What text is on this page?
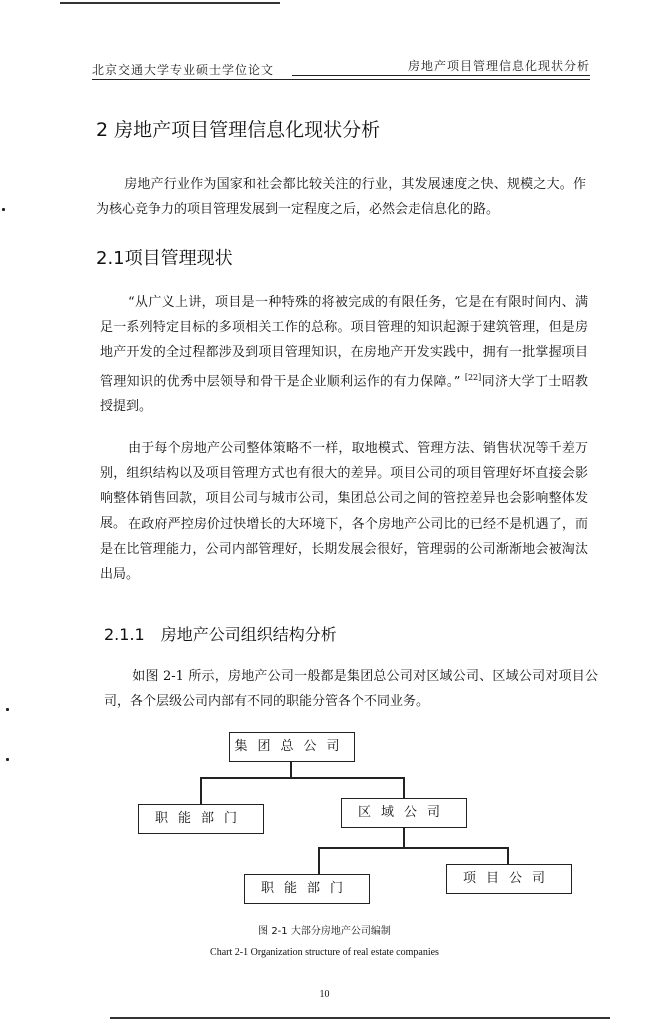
北京交通大学专业硕士学位论文	房地产项目管理信息化现状分析
2 房地产项目管理信息化现状分析

房地产行业作为国家和社会都比较关注的行业，其发展速度之快、规模之大。作为核心竞争力的项目管理发展到一定程度之后，必然会走信息化的路。

2.1项目管理现状

“从广义上讲，项目是一种特殊的将被完成的有限任务，它是在有限时间内、满足一系列特定目标的多项相关工作的总称。项目管理的知识起源于建筑管理，但是房地产开发的全过程都涉及到项目管理知识，在房地产开发实践中，拥有一批掌握项目管理知识的优秀中层领导和骨干是企业顺利运作的有力保障。” [22]同济大学丁士昭教授提到。

由于每个房地产公司整体策略不一样，取地模式、管理方法、销售状况等千差万别，组织结构以及项目管理方式也有很大的差异。项目公司的项目管理好坏直接会影响整体销售回款，项目公司与城市公司，集团总公司之间的管控差异也会影响整体发展。 在政府严控房价过快增长的大环境下，各个房地产公司比的已经不是机遇了，而是在比管理能力，公司内部管理好，长期发展会很好，管理弱的公司渐渐地会被淘汰出局。

2.1.1　房地产公司组织结构分析

如图 2-1 所示，房地产公司一般都是集团总公司对区域公司、区域公司对项目公司，各个层级公司内部有不同的职能分管各个不同业务。

集团总公司
职能部门	区域公司
职能部门
项目公司
图 2-1 大部分房地产公司编制
Chart 2-1 Organization structure of real estate companies
10
